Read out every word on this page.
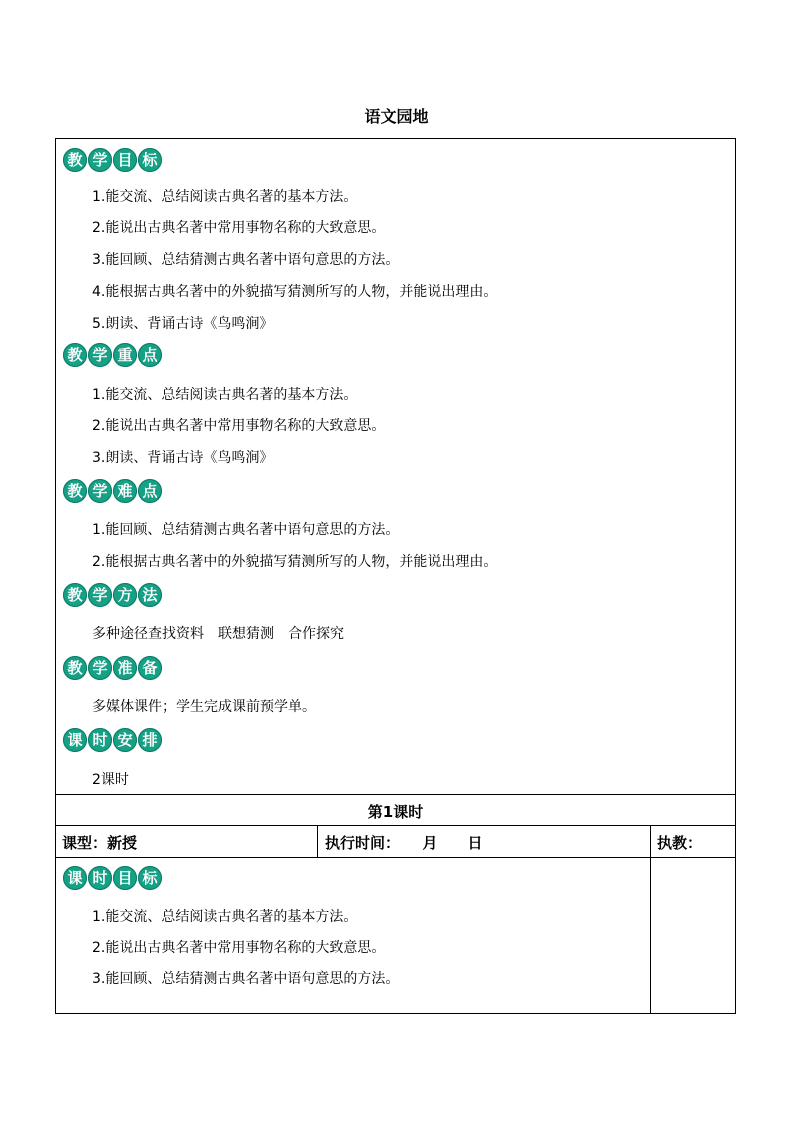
语文园地
教 学 目 标
1.能交流、总结阅读古典名著的基本方法。
2.能说出古典名著中常用事物名称的大致意思。
3.能回顾、总结猜测古典名著中语句意思的方法。
4.能根据古典名著中的外貌描写猜测所写的人物，并能说出理由。
5.朗读、背诵古诗《鸟鸣涧》
教 学 重 点
1.能交流、总结阅读古典名著的基本方法。
2.能说出古典名著中常用事物名称的大致意思。
3.朗读、背诵古诗《鸟鸣涧》
教 学 难 点
1.能回顾、总结猜测古典名著中语句意思的方法。
2.能根据古典名著中的外貌描写猜测所写的人物，并能说出理由。
教 学 方 法
多种途径查找资料　联想猜测　合作探究
教 学 准 备
多媒体课件；学生完成课前预学单。
课 时 安 排
2课时
第1课时
课型：新授	执行时间：　　月　　日	执教：
课 时 目 标
1.能交流、总结阅读古典名著的基本方法。
2.能说出古典名著中常用事物名称的大致意思。
3.能回顾、总结猜测古典名著中语句意思的方法。
